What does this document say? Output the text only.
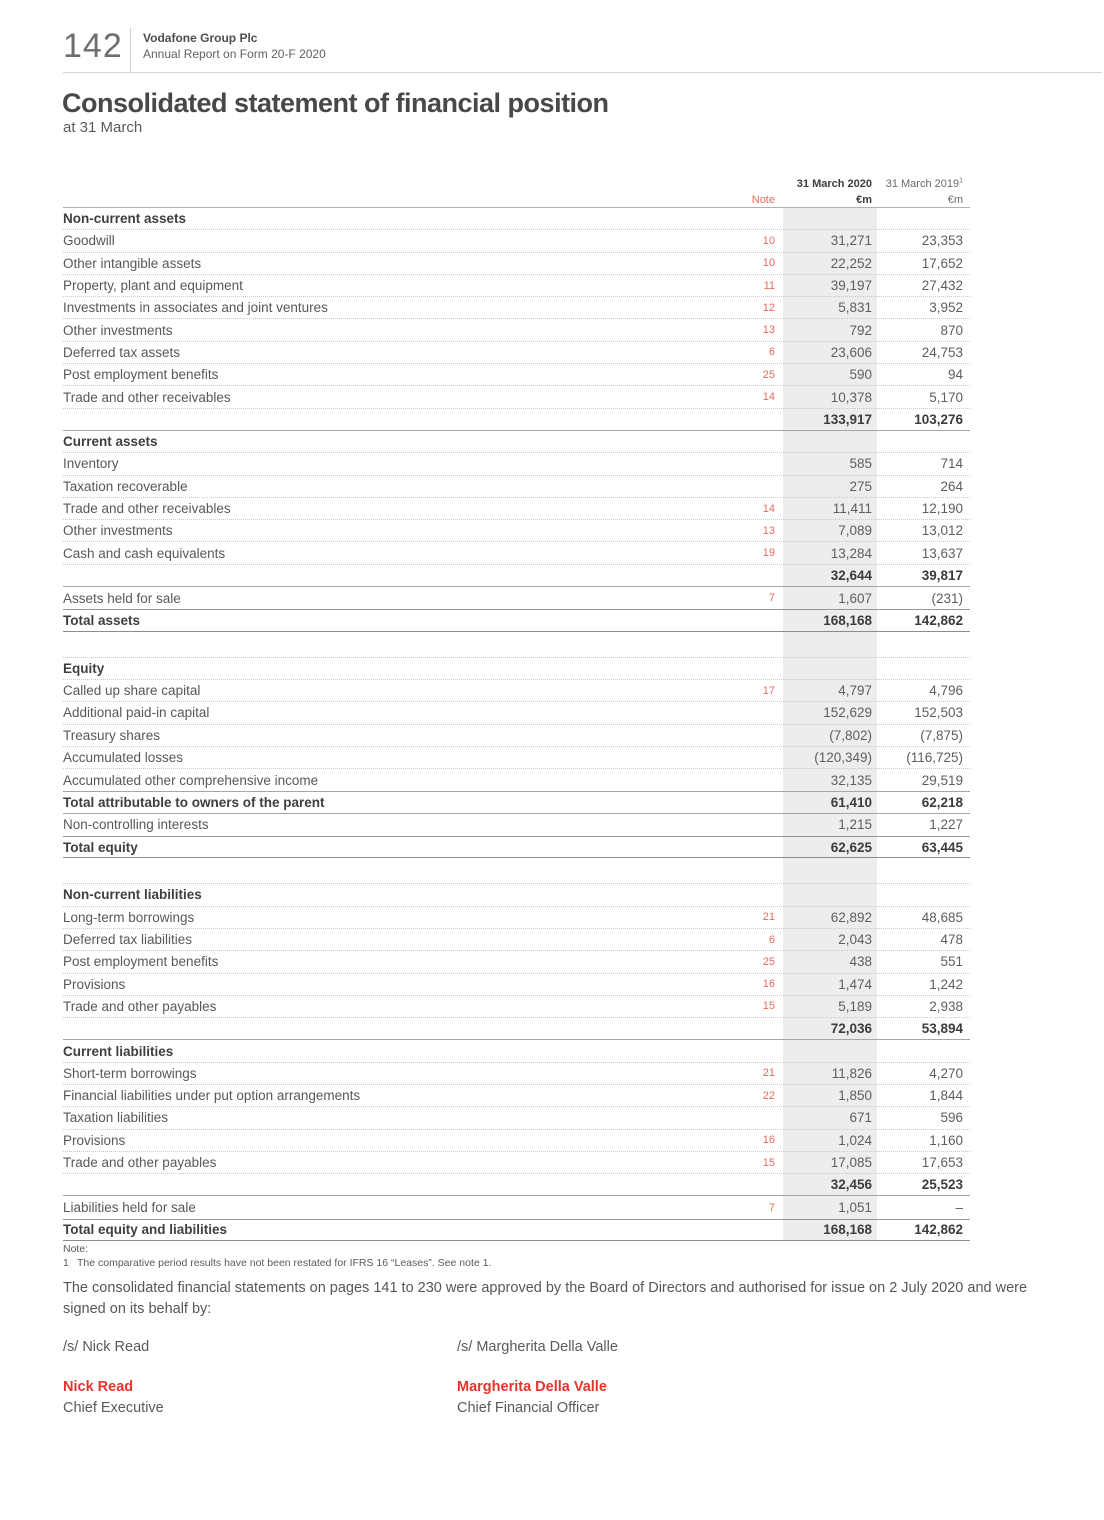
142 Vodafone Group Plc
Annual Report on Form 20-F 2020
Consolidated statement of financial position
at 31 March
31 March 2020	31 March 2019$^1$
Note	€m	€m
Non-current assets
Goodwill	10	31,271	23,353
Other intangible assets	10	22,252	17,652
Property, plant and equipment	11	39,197	27,432
Investments in associates and joint ventures	12	5,831	3,952
Other investments	13	792	870
Deferred tax assets	6	23,606	24,753
Post employment benefits	25	590	94
Trade and other receivables	14	10,378	5,170
133,917	103,276
Current assets
Inventory	585	714
Taxation recoverable	275	264
Trade and other receivables	14	11,411	12,190
Other investments	13	7,089	13,012
Cash and cash equivalents	19	13,284	13,637
32,644	39,817
Assets held for sale	7	1,607	(231)
Total assets	168,168	142,862
Equity
Called up share capital	17	4,797	4,796
Additional paid-in capital	152,629	152,503
Treasury shares	(7,802)	(7,875)
Accumulated losses	(120,349)	(116,725)
Accumulated other comprehensive income	32,135	29,519
Total attributable to owners of the parent	61,410	62,218
Non-controlling interests	1,215	1,227
Total equity	62,625	63,445
Non-current liabilities
Long-term borrowings	21	62,892	48,685
Deferred tax liabilities	6	2,043	478
Post employment benefits	25	438	551
Provisions	16	1,474	1,242
Trade and other payables	15	5,189	2,938
72,036	53,894
Current liabilities
Short-term borrowings	21	11,826	4,270
Financial liabilities under put option arrangements	22	1,850	1,844
Taxation liabilities	671	596
Provisions	16	1,024	1,160
Trade and other payables	15	17,085	17,653
32,456	25,523
Liabilities held for sale	7	1,051	–
Total equity and liabilities	168,168	142,862
Note:
1 The comparative period results have not been restated for IFRS 16 “Leases”. See note 1.
The consolidated financial statements on pages 141 to 230 were approved by the Board of Directors and authorised for issue on 2 July 2020 and were signed on its behalf by:
/s/ Nick Read	/s/ Margherita Della Valle
Nick Read	Margherita Della Valle
Chief Executive	Chief Financial Officer
